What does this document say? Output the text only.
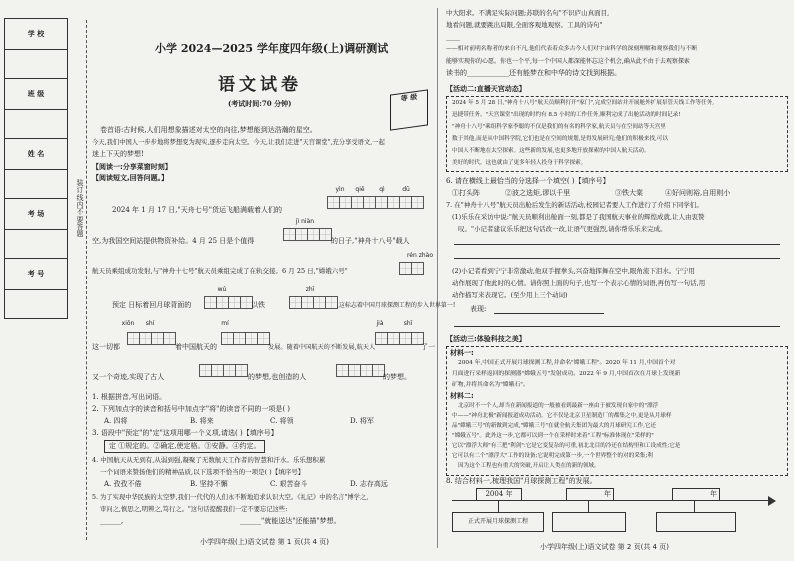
学 校

班 级

姓 名

考 场

考 号

装 订 线 内 不 要 答 题
小学 2024—2025 学年度四年级(上)调研测试
语文试卷
(考试时间:70 分钟)
等 级
卷首语:古时候,人们用想象描述对太空的向往,梦想能到达浩瀚的星空。
今天,我们中国人一步步地将梦想变为现实,逐步走向太空。今天,让我们走进"天宫课堂",充分享受语文,一起
迷上下天的梦想!
【阅读一:分享菜窗时刻】
【阅读短文,回答问题。】
yìn	qiē	qì	dū
2024 年 1 月 17 日,"天舟七号"货运飞船满载着人们的
空,为我国空间站提供物资补给。4 月 25 日是个值得
jì niàn
的日子,"神舟十八号"载人
航天员乘组成功发射,与"神舟十七号"航天员乘组完成了在轨交接。6 月 25 日,"嫦娥六号"
wú	zhī
rén zhào
预定 日标着回月球背面的	以铁	,这标志着中国月球探测工程的步入世界第一!
xiōn	shí	mí	jià	shī
这一切都	着中国航天的	发展。随着中国航天的不断发展,航天人	了一
又一个奇迹,实现了古人	的梦想,也创造的人	的梦想。
1. 根据拼音,写出词语。
2. 下列加点字的读音和括号中加点字"将"的读音不同的一项是( )
A. 四将	B. 将来	C. 将领	D. 将军
3. 语段中"预定"的"定"这项用哪一个义项,请选( )【填序号】
定 ①规定的。②确定,使定格。③安静。④约定。
4. 中国航天从无到有,从弱到强,凝聚了无数航天工作者的智慧和汗水。乐乐想积累
一个词语来赞扬他们的精神品质,以下选项不恰当的一项是( )【填序号】
A. 孜孜不倦	B. 坚持不懈	C. 艰苦奋斗	D. 志存高远
5. 为了实现中华民族的太空梦,我们一代代的人们永不断地追求认识大空。《礼记》中的名言"博学之,
审问之,慎思之,明辨之,笃行之。"这句话提醒我们一定不要忘记这些:
______,	______"就能送达"还能描"梦想。
小学四年级(上)语文试卷 第 1 页(共 4 页)
中大阳求。不满足实际问题;苏联的名句"不识庐山真面目,
地看问题,就要跳出局限,全面客观地观察。工具的诗句"
____
——相对前明名称者的来自不凡,他们代表着众多古今人们对宇宙科学的深刻理解和观察我们与不断
能够实现你的心愿。你也一个平,每一个中国人都深能怀忘这个机会,确从此不由于去观察探索
读书的____________还有能梦在和中华的诗文找到根据。
【活动二:直播天宫动态】
2024 年 5 月 28 日,"神舟十八号"航天员顺利打开"家门",完成空间站并开展舱外扩展泵管天线工作等任务,
迅捷带任务。"天宫课堂"出现的时约有 8.5 小时的工作任务,顺利完成了出舱活动的时间记录!
"神舟十八号"乘组科学家李聪的不仅是我们的有名的科学家,航天员与在空间站等天宫里
数于其他,而是从中国科学院,它们也是在空间的规划,是得发展研究;他们的积极来找,可以
中国人不断地在太空探索。这些新的发展,也更多地开放探索的中国人航天活动。
美好的时代。这也就由了更多年轻人投身于科学探索。
6. 请在横线上最恰当的分选择一个填空( )【填序号】
①打头阵	②波之选矩,谬以千里	③铁大棠	④好问则裕,自用则小
7. 在"神舟十八号"航天员出舱后发生的新话活动,校园记者要人工作进行了介绍下同学们。
(1)乐乐在采访中说:"航天员顺利出舱面一刻,都是了我国航天事业的辉煌成就,让人由衷赞
叹。"小记者建议乐乐把这句话改一改,让语气更强烈,请你帮乐乐来完成。
(2)小记者看到宁宁非常激动,他双手握拳头,兴奋地挥舞在空中,眼角流下泪水。宁宁用
动作展现了他此时的心情。请你照上面的句子,也写一个表示心情的词语,再仿写一句话,用
动作描写来表现它。(至少用上三个动词)
表现:
【活动三:体验科技之美】
材料一:
2004 年,中国正式开展月球探测工程,并命名"嫦娥工程"。2020 年 11 月,中国首个对
月面进行采样返回的探测器"嫦娥五号"发射成功。2022 年 9 月,中国首次在月球上发现新
矿物,并将其命名为"嫦娥石"。
材料二:
北京时不一个人,却当在新闻报道的一般被看到最新一座由于被发现自家中的"漂浮
中——"神舟北极"新闻报道成功活动。它不仅是北京卫星制造厂的都集之中,更是从月球样
品"嫦娥三号"的新做到完成,"嫦娥三号"在就全航天集团为最大的月球研究工作,它还
"嫦娥五号"。此外这一步,它都可以到一个在采样时来着"工程"标准体现在"采样的"
它以"漂浮大师"有三把"利剑":它是它变复杂的可重,初北北目的冷还在结构里和工设成性;它是
它可以有二个"漂浮大"工作的设备;它说明完成第一步,一个世界整个的对的采集;利
因为这个工程也有重大的突破,开启让人类在的新的领域。
8. 结合材料一,梳理我国"月球探测工程"的发展。
2004 年	年	年
正式开展月球探测工程
小学四年级(上)语文试卷 第 2 页(共 4 页)
